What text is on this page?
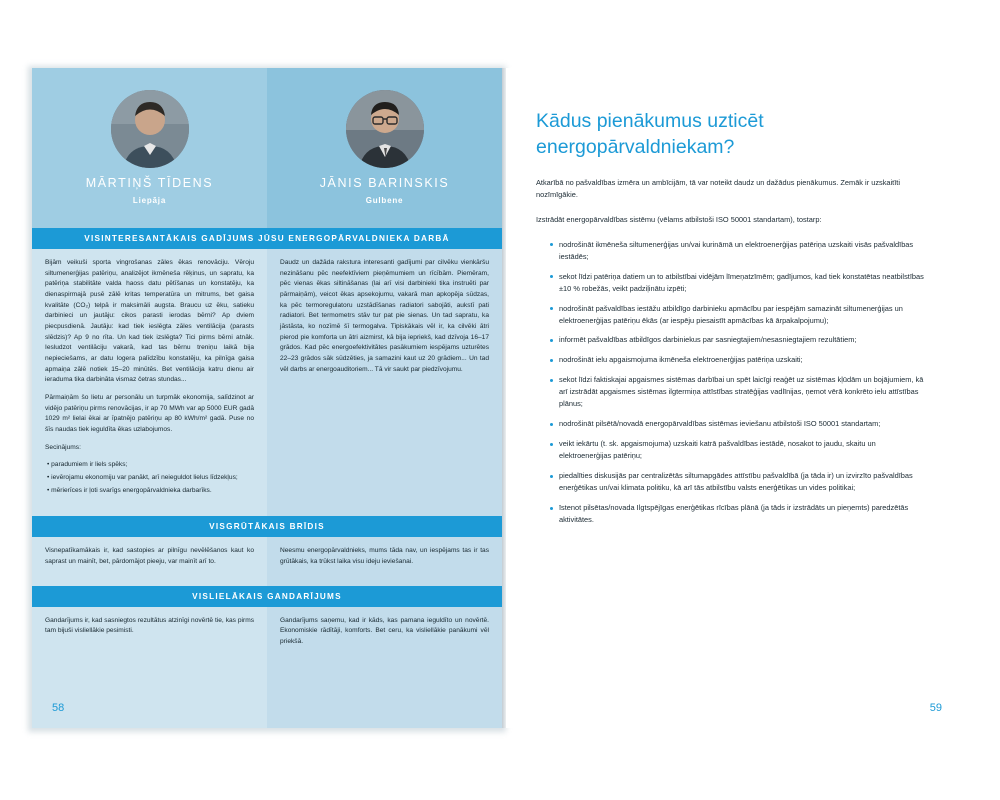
MĀRTIŅŠ TĪDENS
Liepāja
JĀNIS BARINSKIS
Gulbene
VISINTERESANTĀKAIS GADĪJUMS JŪSU ENERGOPĀRVALDNIEKA DARBĀ

Bijām veikuši sporta vingrošanas zāles ēkas renovāciju. Vēroju siltumenerģijas patēriņu, analizējot ikmēneša rēķinus, un sapratu, ka patēriņa stabilitāte valda haoss datu pētīšanas un konstatēju, ka dienaspirmajā pusē zālē kritas temperatūra un mitrums, bet gaisa kvalitāte (CO₂) telpā ir maksimāli augsta. Braucu uz ēku, satieku darbinieci un jautāju: cikos parasti ierodas bērni? Ap dviem piecpusdienā. Jautāju: kad tiek ieslēgta zāles ventilācija (parasts slēdzis)? Ap 9 no rīta. Un kad tiek izslēgta? Tici pirms bērni atnāk. Iesludzot ventilāciju vakarā, kad tas bērnu treniņu laikā bija nepieciešams, ar datu logera palīdzību konstatēju, ka pilnīga gaisa apmaiņa zālē notiek 15–20 minūtēs. Bet ventilācija katru dienu air ieraduma tika darbināta vismaz četras stundas...

Pārmaiņām šo lietu ar personālu un turpmāk ekonomija, salīdzinot ar vidējo patēriņu pirms renovācijas, ir ap 70 MWh var ap 5000 EUR gadā 1029 m² lielai ēkai ar īpatnējo patēriņu ap 80 kWh/m² gadā. Puse no šīs naudas tiek ieguldīta ēkas uzlabojumos.

Secinājums:

• paradumiem ir liels spēks;
• ievērojamu ekonomiju var panākt, arī neieguldot lielus līdzekļus;
• mērierīces ir ļoti svarīgs energopārvaldnieka darbarīks.

Daudz un dažāda rakstura interesanti gadījumi par cilvēku vienkāršu nezināšanu pēc neefektīviem pieņēmumiem un rīcībām. Piemēram, pēc vienas ēkas siltināšanas (lai arī visi darbinieki tika instruēti par pārmaiņām), veicot ēkas apsekojumu, vakarā man apkopēja sūdzas, ka pēc termoregulatoru uzstādīšanas radiatori sabojāti, aukstī pati radiatori. Bet termometrs stāv tur pat pie sienas. Un tad sapratu, ka jāstāsta, ko nozīmē šī termogalva. Tipiskākais vēl ir, ka cilvēki ātri pierod pie komforta un ātri aizmirst, kā bija iepriekš, kad dzīvoja 16–17 grādos. Kad pēc energoefektivitātes pasākumiem iespējams uzturētes 22–23 grādos sāk sūdzēties, ja samazini kaut uz 20 grādiem... Un tad vēl darbs ar energoauditoriem... Tā vir saukt par piedzīvojumu.

VISGRŪTĀKAIS BRĪDIS

Visnepatīkamākais ir, kad sastopies ar pilnīgu nevēlēšanos kaut ko saprast un mainīt, bet, pārdomājot pieeju, var mainīt arī to.

Neesmu energopārvaldnieks, mums tāda nav, un iespējams tas ir tas grūtākais, ka trūkst laika visu ideju ieviešanai.

VISLIELĀKAIS GANDARĪJUMS

Gandarījums ir, kad sasniegtos rezultātus atzinīgi novērtē tie, kas pirms tam bijuši visliellākie pesimisti.

Gandarījums saņemu, kad ir kāds, kas pamana ieguldīto un novērtē. Ekonomiskie rādītāji, komforts. Bet ceru, ka visliellākie panākumi vēl priekšā.

58
Kādus pienākumus uzticēt energopārvaldniekam?

Atkarībā no pašvaldības izmēra un ambīcijām, tā var noteikt daudz un dažādus pienākumus. Zemāk ir uzskaitīti nozīmīgākie.

Izstrādāt energopārvaldības sistēmu (vēlams atbilstoši ISO 50001 standartam), tostarp:

nodrošināt ikmēneša siltumenerģijas un/vai kurināmā un elektroenerģijas patēriņa uzskaiti visās pašvaldības iestādēs;
sekot līdzi patēriņa datiem un to atbilstībai vidējām līmeņatzīmēm; gadījumos, kad tiek konstatētas neatbilstības ±10 % robežās, veikt padziļinātu izpēti;
nodrošināt pašvaldības iestāžu atbildīgo darbinieku apmācību par iespējām samazināt siltumenerģijas un elektroenerģijas patēriņu ēkās (ar iespēju piesaistīt apmācības kā ārpakalpojumu);
informēt pašvaldības atbildīgos darbiniekus par sasniegtajiem/nesasniegtajiem rezultātiem;
nodrošināt ielu apgaismojuma ikmēneša elektroenerģijas patēriņa uzskaiti;
sekot līdzi faktiskajai apgaismes sistēmas darbībai un spēt laicīgi reaģēt uz sistēmas kļūdām un bojājumiem, kā arī izstrādāt apgaismes sistēmas ilgtermiņa attīstības stratēģijas vadlīnijas, ņemot vērā konkrēto ielu attīstības plānus;
nodrošināt pilsētā/novadā energopārvaldības sistēmas ieviešanu atbilstoši ISO 50001 standartam;
veikt iekārtu (t. sk. apgaismojuma) uzskaiti katrā pašvaldības iestādē, nosakot to jaudu, skaitu un elektroenerģijas patēriņu;
piedalīties diskusijās par centralizētās siltumapgādes attīstību pašvaldībā (ja tāda ir) un izvirzīto pašvaldības enerģētikas un/vai klimata politiku, kā arī tās atbilstību valsts enerģētikas un vides politikai;
īstenot pilsētas/novada Ilgtspējīgas enerģētikas rīcības plānā (ja tāds ir izstrādāts un pieņemts) paredzētās aktivitātes.
59
